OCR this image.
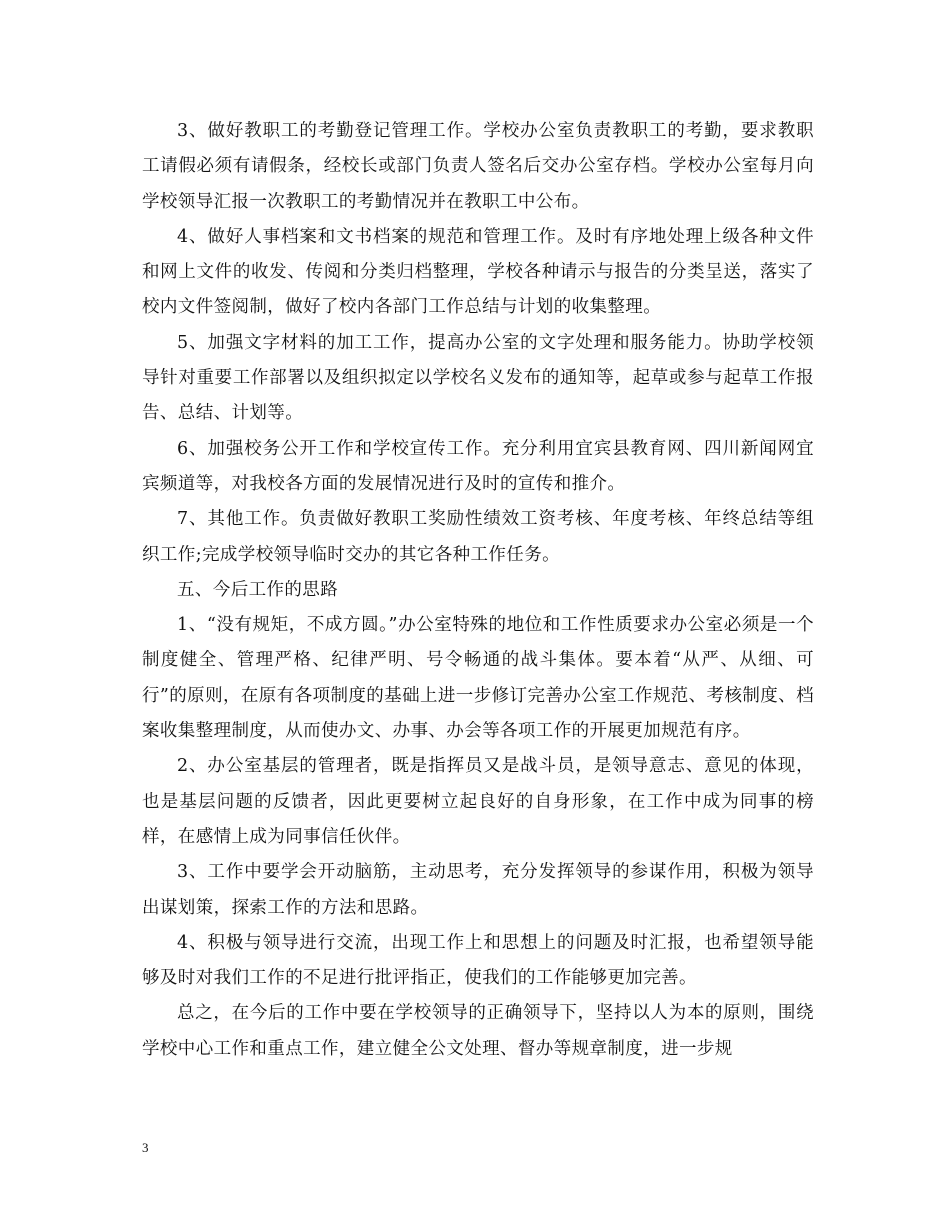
3、做好教职工的考勤登记管理工作。学校办公室负责教职工的考勤，要求教职工请假必须有请假条，经校长或部门负责人签名后交办公室存档。学校办公室每月向学校领导汇报一次教职工的考勤情况并在教职工中公布。

4、做好人事档案和文书档案的规范和管理工作。及时有序地处理上级各种文件和网上文件的收发、传阅和分类归档整理，学校各种请示与报告的分类呈送，落实了校内文件签阅制，做好了校内各部门工作总结与计划的收集整理。

5、加强文字材料的加工工作，提高办公室的文字处理和服务能力。协助学校领导针对重要工作部署以及组织拟定以学校名义发布的通知等，起草或参与起草工作报告、总结、计划等。

6、加强校务公开工作和学校宣传工作。充分利用宜宾县教育网、四川新闻网宜宾频道等，对我校各方面的发展情况进行及时的宣传和推介。

7、其他工作。负责做好教职工奖励性绩效工资考核、年度考核、年终总结等组织工作;完成学校领导临时交办的其它各种工作任务。

五、今后工作的思路

1、“没有规矩，不成方圆。”办公室特殊的地位和工作性质要求办公室必须是一个制度健全、管理严格、纪律严明、号令畅通的战斗集体。要本着“从严、从细、可行”的原则，在原有各项制度的基础上进一步修订完善办公室工作规范、考核制度、档案收集整理制度，从而使办文、办事、办会等各项工作的开展更加规范有序。

2、办公室基层的管理者，既是指挥员又是战斗员，是领导意志、意见的体现，也是基层问题的反馈者，因此更要树立起良好的自身形象，在工作中成为同事的榜样，在感情上成为同事信任伙伴。

3、工作中要学会开动脑筋，主动思考，充分发挥领导的参谋作用，积极为领导出谋划策，探索工作的方法和思路。

4、积极与领导进行交流，出现工作上和思想上的问题及时汇报，也希望领导能够及时对我们工作的不足进行批评指正，使我们的工作能够更加完善。

总之，在今后的工作中要在学校领导的正确领导下，坚持以人为本的原则，围绕学校中心工作和重点工作，建立健全公文处理、督办等规章制度，进一步规

3
